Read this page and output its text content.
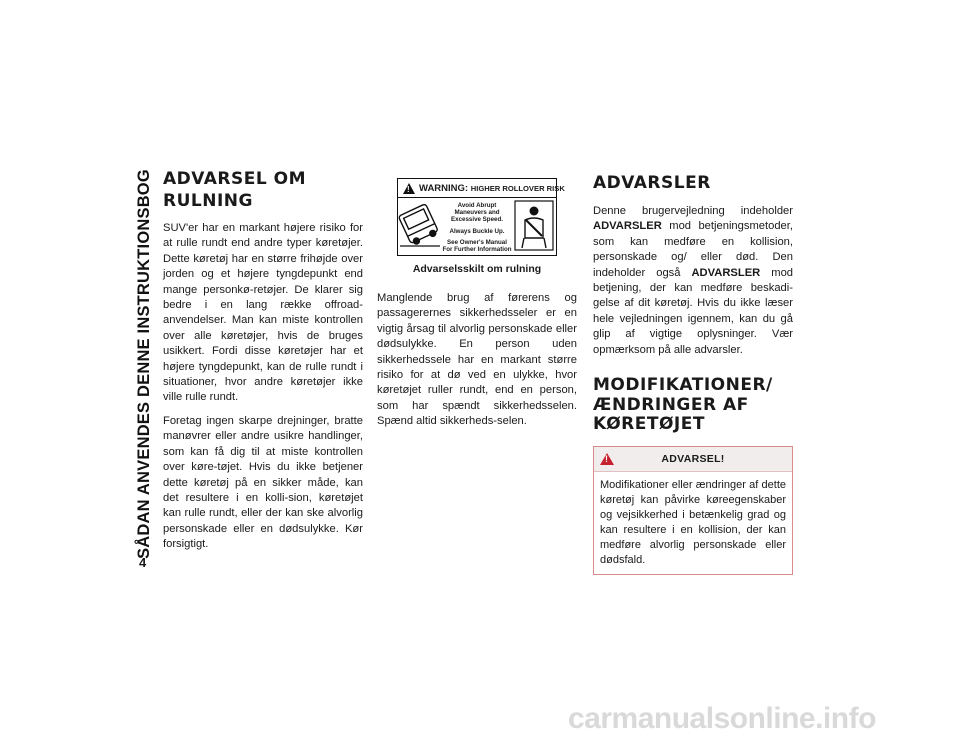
SÅDAN ANVENDES DENNE INSTRUKTIONSBOG
4
ADVARSEL OM RULNING

SUV'er har en markant højere risiko for at rulle rundt end andre typer køretøjer. Dette køretøj har en større frihøjde over jorden og et højere tyngdepunkt end mange personkø-retøjer. De klarer sig bedre i en lang række offroad-anvendelser. Man kan miste kontrollen over alle køretøjer, hvis de bruges usikkert. Fordi disse køretøjer har et højere tyngdepunkt, kan de rulle rundt i situationer, hvor andre køretøjer ikke ville rulle rundt.

Foretag ingen skarpe drejninger, bratte manøvrer eller andre usikre handlinger, som kan få dig til at miste kontrollen over køre-tøjet. Hvis du ikke betjener dette køretøj på en sikker måde, kan det resultere i en kolli-sion, køretøjet kan rulle rundt, eller der kan ske alvorlig personskade eller en dødsulykke. Kør forsigtigt.

!
WARNING:
HIGHER ROLLOVER RISK
Avoid Abrupt Maneuvers and Excessive Speed.
Always Buckle Up.
See Owner's Manual For Further Information
Advarselsskilt om rulning

Manglende brug af førerens og passagerernes sikkerhedsseler er en vigtig årsag til alvorlig personskade eller dødsulykke. En person uden sikkerhedssele har en markant større risiko for at dø ved en ulykke, hvor køretøjet ruller rundt, end en person, som har spændt sikkerhedsselen. Spænd altid sikkerheds-selen.

ADVARSLER

Denne brugervejledning indeholder ADVARSLER mod betjeningsmetoder, som kan medføre en kollision, personskade og/ eller død. Den indeholder også ADVARSLER mod betjening, der kan medføre beskadi-gelse af dit køretøj. Hvis du ikke læser hele vejledningen igennem, kan du gå glip af vigtige oplysninger. Vær opmærksom på alle advarsler.

MODIFIKATIONER/
ÆNDRINGER AF
KØRETØJET
!
ADVARSEL!
Modifikationer eller ændringer af dette køretøj kan påvirke køreegenskaber og vejsikkerhed i betænkelig grad og kan resultere i en kollision, der kan medføre alvorlig personskade eller dødsfald.
carmanualsonline.info
